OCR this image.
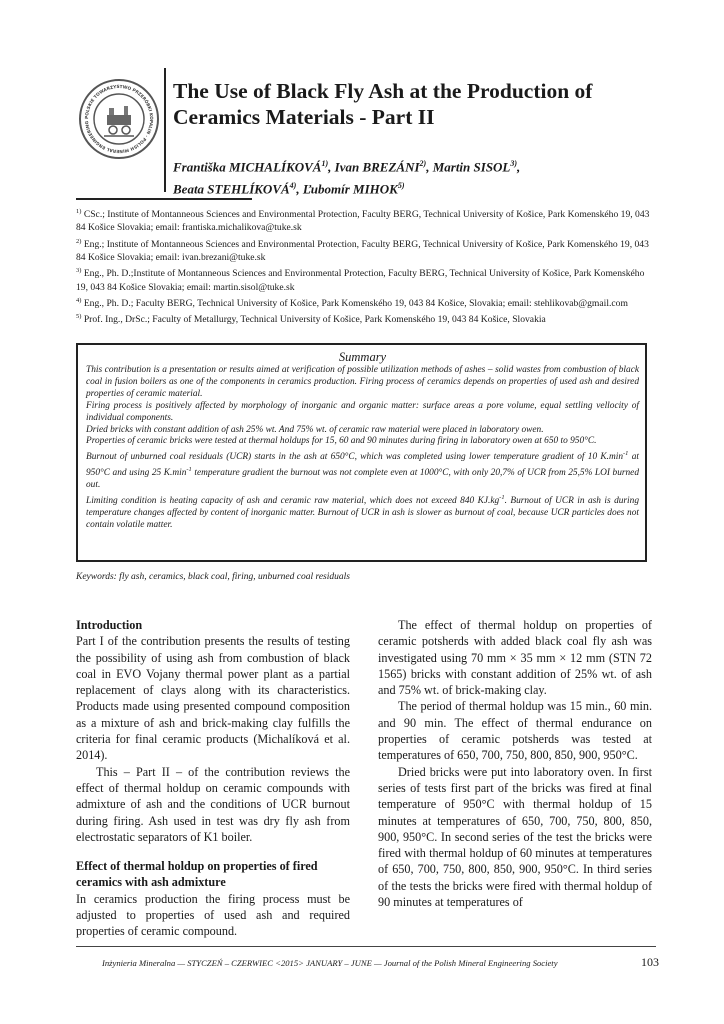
POLSKIE TOWARZYSTWO PRZERÓBKI KOPALIN · POLISH MINERAL ENGINEERING
The Use of Black Fly Ash at the Production of Ceramics Materials - Part II
Františka MICHALÍKOVÁ$^{1)}$, Ivan BREZÁNI$^{2)}$, Martin SISOL$^{3)}$,
Beata STEHLÍKOVÁ$^{4)}$, Ľubomír MIHOK$^{5)}$
$^{1)}$ CSc.; Institute of Montanneous Sciences and Environmental Protection, Faculty BERG, Technical University of Košice, Park Komenského 19, 043 84 Košice Slovakia; email: frantiska.michalikova@tuke.sk
$^{2)}$ Eng.; Institute of Montanneous Sciences and Environmental Protection, Faculty BERG, Technical University of Košice, Park Komenského 19, 043 84 Košice Slovakia; email: ivan.brezani@tuke.sk
$^{3)}$ Eng., Ph. D.;Institute of Montanneous Sciences and Environmental Protection, Faculty BERG, Technical University of Košice, Park Komenského 19, 043 84 Košice Slovakia; email: martin.sisol@tuke.sk
$^{4)}$ Eng., Ph. D.; Faculty BERG, Technical University of Košice, Park Komenského 19, 043 84 Košice, Slovakia; email: stehlikovab@gmail.com
$^{5)}$ Prof. Ing., DrSc.; Faculty of Metallurgy, Technical University of Košice, Park Komenského 19, 043 84 Košice, Slovakia
Summary

This contribution is a presentation or results aimed at verification of possible utilization methods of ashes – solid wastes from combustion of black coal in fusion boilers as one of the components in ceramics production. Firing process of ceramics depends on properties of used ash and desired properties of ceramic material.

Firing process is positively affected by morphology of inorganic and organic matter: surface areas a pore volume, equal settling vellocity of individual components.

Dried bricks with constant addition of ash 25% wt. And 75% wt. of ceramic raw material were placed in laboratory owen.

Properties of ceramic bricks were tested at thermal holdups for 15, 60 and 90 minutes during firing in laboratory owen at 650 to 950°C.

Burnout of unburned coal residuals (UCR) starts in the ash at 650°C, which was completed using lower temperature gradient of 10 $K.\min^{-1}$ at 950°C and using 25 $K.\min^{-1}$ temperature gradient the burnout was not complete even at 1000°C, with only 20,7% of UCR from 25,5% LOI burned out.

Limiting condition is heating capacity of ash and ceramic raw material, which does not exceed 840 $KJ.kg^{-1}$. Burnout of UCR in ash is during temperature changes affected by content of inorganic matter. Burnout of UCR in ash is slower as burnout of coal, because UCR particles does not contain volatile matter.

Keywords: fly ash, ceramics, black coal, firing, unburned coal residuals
Introduction

Part I of the contribution presents the results of testing the possibility of using ash from combustion of black coal in EVO Vojany thermal power plant as a partial replacement of clays along with its characteristics. Products made using presented compound composition as a mixture of ash and brick-making clay fulfills the criteria for final ceramic products (Michalíková et al. 2014).

This – Part II – of the contribution reviews the effect of thermal holdup on ceramic compounds with admixture of ash and the conditions of UCR burnout during firing. Ash used in test was dry fly ash from electrostatic separators of K1 boiler.

Effect of thermal holdup on properties of fired ceramics with ash admixture

In ceramics production the firing process must be adjusted to properties of used ash and required properties of ceramic compound.

The effect of thermal holdup on properties of ceramic potsherds with added black coal fly ash was investigated using 70 mm × 35 mm × 12 mm (STN 72 1565) bricks with constant addition of 25% wt. of ash and 75% wt. of brick-making clay.

The period of thermal holdup was 15 min., 60 min. and 90 min. The effect of thermal endurance on properties of ceramic potsherds was tested at temperatures of 650, 700, 750, 800, 850, 900, 950°C.

Dried bricks were put into laboratory oven. In first series of tests first part of the bricks was fired at final temperature of 950°C with thermal holdup of 15 minutes at temperatures of 650, 700, 750, 800, 850, 900, 950°C. In second series of the test the bricks were fired with thermal holdup of 60 minutes at temperatures of 650, 700, 750, 800, 850, 900, 950°C. In third series of the tests the bricks were fired with thermal holdup of 90 minutes at temperatures of

Inżynieria Mineralna — STYCZEŃ – CZERWIEC <2015> JANUARY – JUNE — Journal of the Polish Mineral Engineering Society	103
